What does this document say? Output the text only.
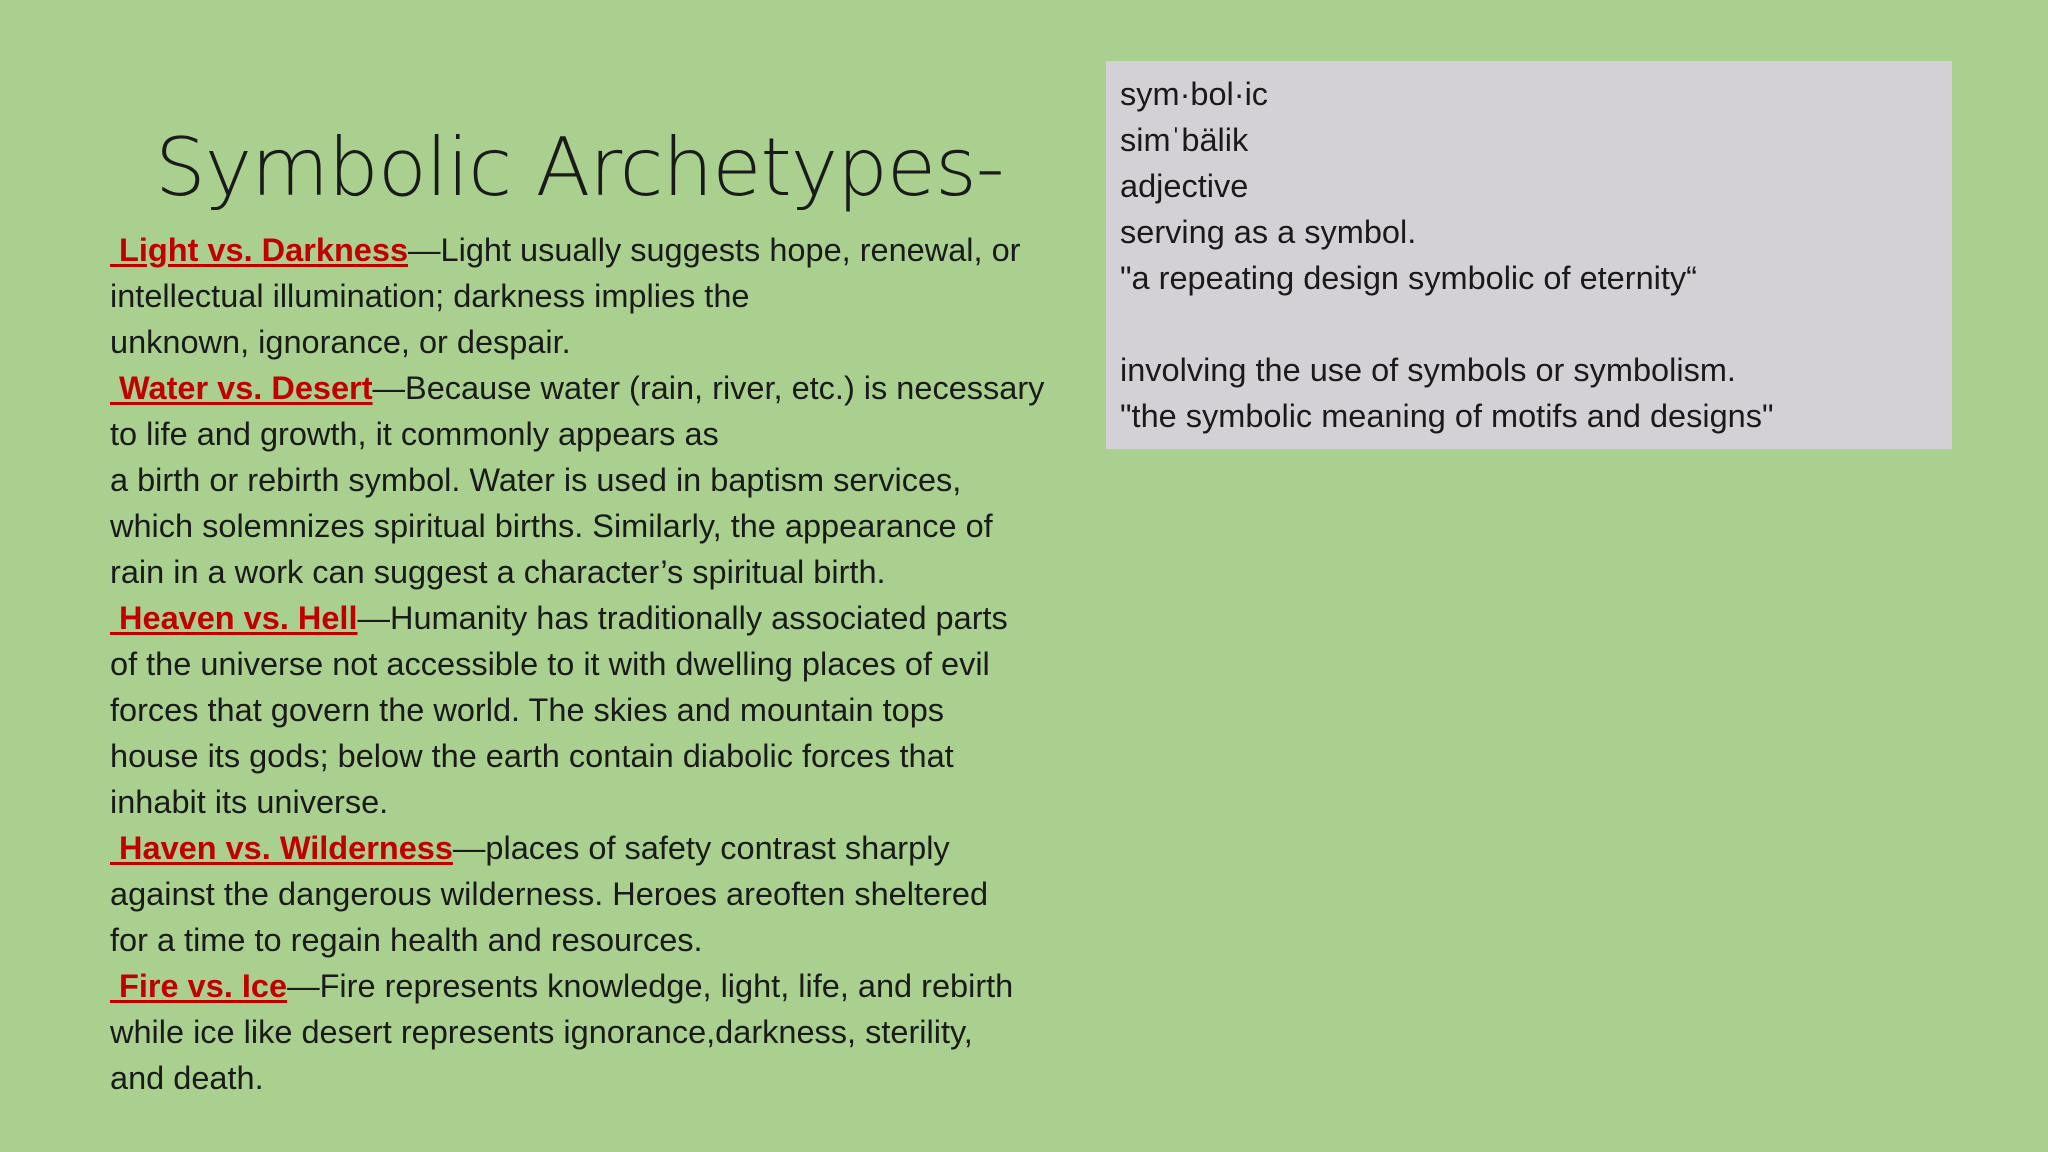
Symbolic Archetypes-
Light vs. Darkness—Light usually suggests hope, renewal, or
intellectual illumination; darkness implies the
unknown, ignorance, or despair.
Water vs. Desert—Because water (rain, river, etc.) is necessary
to life and growth, it commonly appears as
a birth or rebirth symbol. Water is used in baptism services,
which solemnizes spiritual births. Similarly, the appearance of
rain in a work can suggest a character’s spiritual birth.
Heaven vs. Hell—Humanity has traditionally associated parts
of the universe not accessible to it with dwelling places of evil
forces that govern the world. The skies and mountain tops
house its gods; below the earth contain diabolic forces that
inhabit its universe.
Haven vs. Wilderness—places of safety contrast sharply
against the dangerous wilderness. Heroes areoften sheltered
for a time to regain health and resources.
Fire vs. Ice—Fire represents knowledge, light, life, and rebirth
while ice like desert represents ignorance,darkness, sterility,
and death.
sym·bol·ic
simˈbälik
adjective
serving as a symbol.
"a repeating design symbolic of eternity“
involving the use of symbols or symbolism.
"the symbolic meaning of motifs and designs"
